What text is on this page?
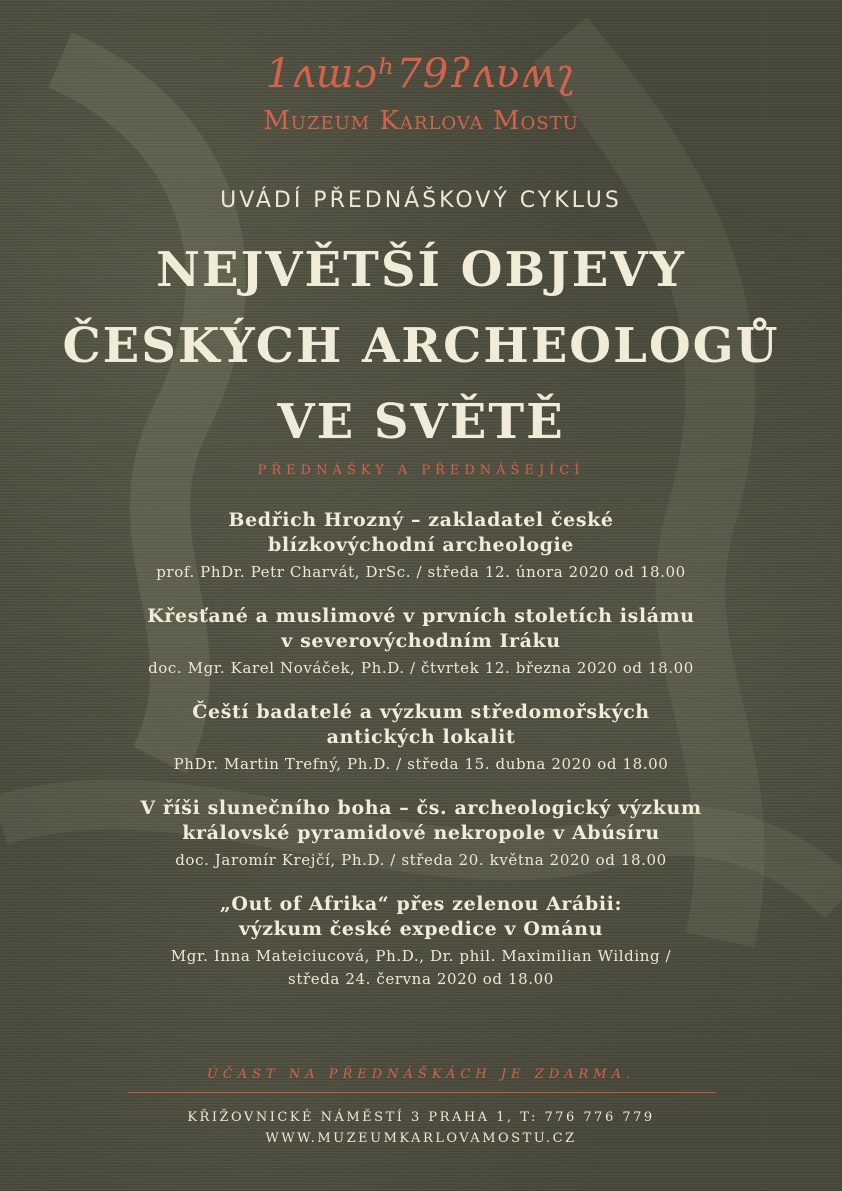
1ʌɯɔʰ79ʔʌʋʍʅ
Muzeum Karlova Mostu
UVÁDÍ PŘEDNÁŠKOVÝ CYKLUS
NEJVĚTŠÍ OBJEVY
ČESKÝCH ARCHEOLOGŮ
VE SVĚTĚ
PŘEDNÁŠKY A PŘEDNÁŠEJÍCÍ
Bedřich Hrozný – zakladatel české
blízkovýchodní archeologie
prof. PhDr. Petr Charvát, DrSc. / středa 12. února 2020 od 18.00
Křesťané a muslimové v prvních stoletích islámu
v severovýchodním Iráku
doc. Mgr. Karel Nováček, Ph.D. / čtvrtek 12. března 2020 od 18.00
Čeští badatelé a výzkum středomořských
antických lokalit
PhDr. Martin Trefný, Ph.D. / středa 15. dubna 2020 od 18.00
V říši slunečního boha – čs. archeologický výzkum
královské pyramidové nekropole v Abúsíru
doc. Jaromír Krejčí, Ph.D. / středa 20. května 2020 od 18.00
„Out of Afrika“ přes zelenou Arábii:
výzkum české expedice v Ománu
Mgr. Inna Mateiciucová, Ph.D., Dr. phil. Maximilian Wilding /
středa 24. června 2020 od 18.00
ÚČAST NA PŘEDNÁŠKÁCH JE ZDARMA.
KŘIŽOVNICKÉ NÁMĚSTÍ 3 PRAHA 1, T: 776 776 779
WWW.MUZEUMKARLOVAMOSTU.CZ
